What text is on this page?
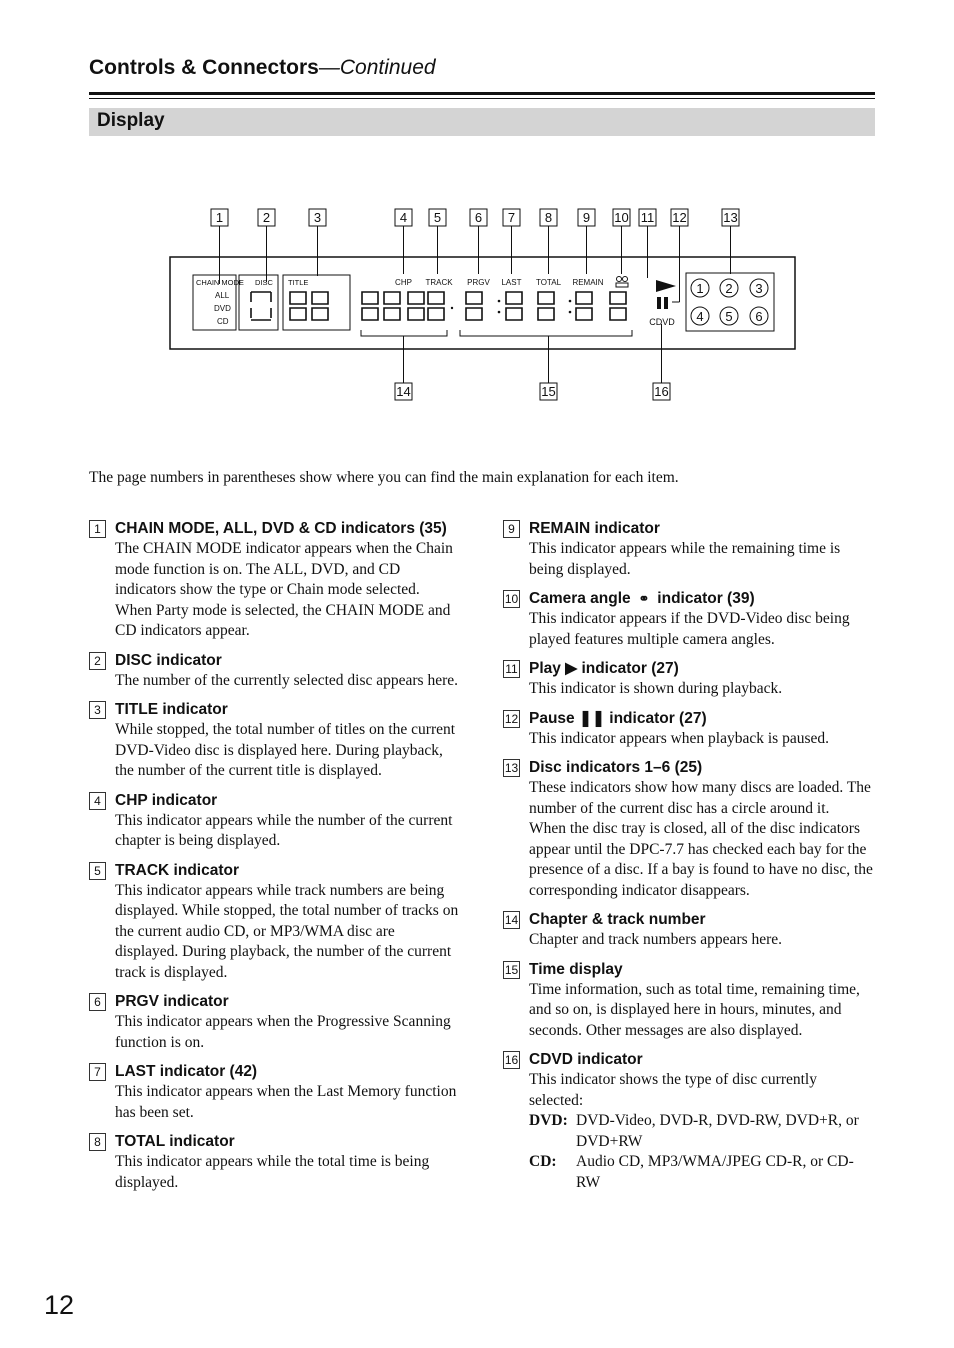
Controls & Connectors—Continued
Display
1	2	3	4 5	6 7 8 9 10 11 12	13
14	15	16
CHAIN MODE DISC TITLE
ALL
DVD
CD
CHP TRACK PRGV LAST TOTAL REMAIN
CDVD
1 2 3
4 5 6
The page numbers in parentheses show where you can find the main explanation for each item.
1 CHAIN MODE, ALL, DVD & CD indicators (35)
The CHAIN MODE indicator appears when the Chain mode function is on. The ALL, DVD, and CD indicators show the type or Chain mode selected. When Party mode is selected, the CHAIN MODE and CD indicators appear.
2 DISC indicator
The number of the currently selected disc appears here.
3 TITLE indicator
While stopped, the total number of titles on the current DVD-Video disc is displayed here. During playback, the number of the current title is displayed.
4 CHP indicator
This indicator appears while the number of the current chapter is being displayed.
5 TRACK indicator
This indicator appears while track numbers are being displayed. While stopped, the total number of tracks on the current audio CD, or MP3/WMA disc are displayed. During playback, the number of the current track is displayed.
6 PRGV indicator
This indicator appears when the Progressive Scanning function is on.
7 LAST indicator (42)
This indicator appears when the Last Memory function has been set.
8 TOTAL indicator
This indicator appears while the total time is being displayed.
9 REMAIN indicator
This indicator appears while the remaining time is being displayed.
10 Camera angle ⚭ indicator (39)
This indicator appears if the DVD-Video disc being played features multiple camera angles.
11 Play ▶ indicator (27)
This indicator is shown during playback.
12 Pause ❚❚ indicator (27)
This indicator appears when playback is paused.
13 Disc indicators 1–6 (25)
These indicators show how many discs are loaded. The number of the current disc has a circle around it.
When the disc tray is closed, all of the disc indicators appear until the DPC-7.7 has checked each bay for the presence of a disc. If a bay is found to have no disc, the corresponding indicator disappears.
14 Chapter & track number
Chapter and track numbers appears here.
15 Time display
Time information, such as total time, remaining time, and so on, is displayed here in hours, minutes, and seconds. Other messages are also displayed.
16 CDVD indicator
This indicator shows the type of disc currently selected:
DVD: DVD-Video, DVD-R, DVD-RW, DVD+R, or DVD+RW
CD:	Audio CD, MP3/WMA/JPEG CD-R, or CD-RW
12
